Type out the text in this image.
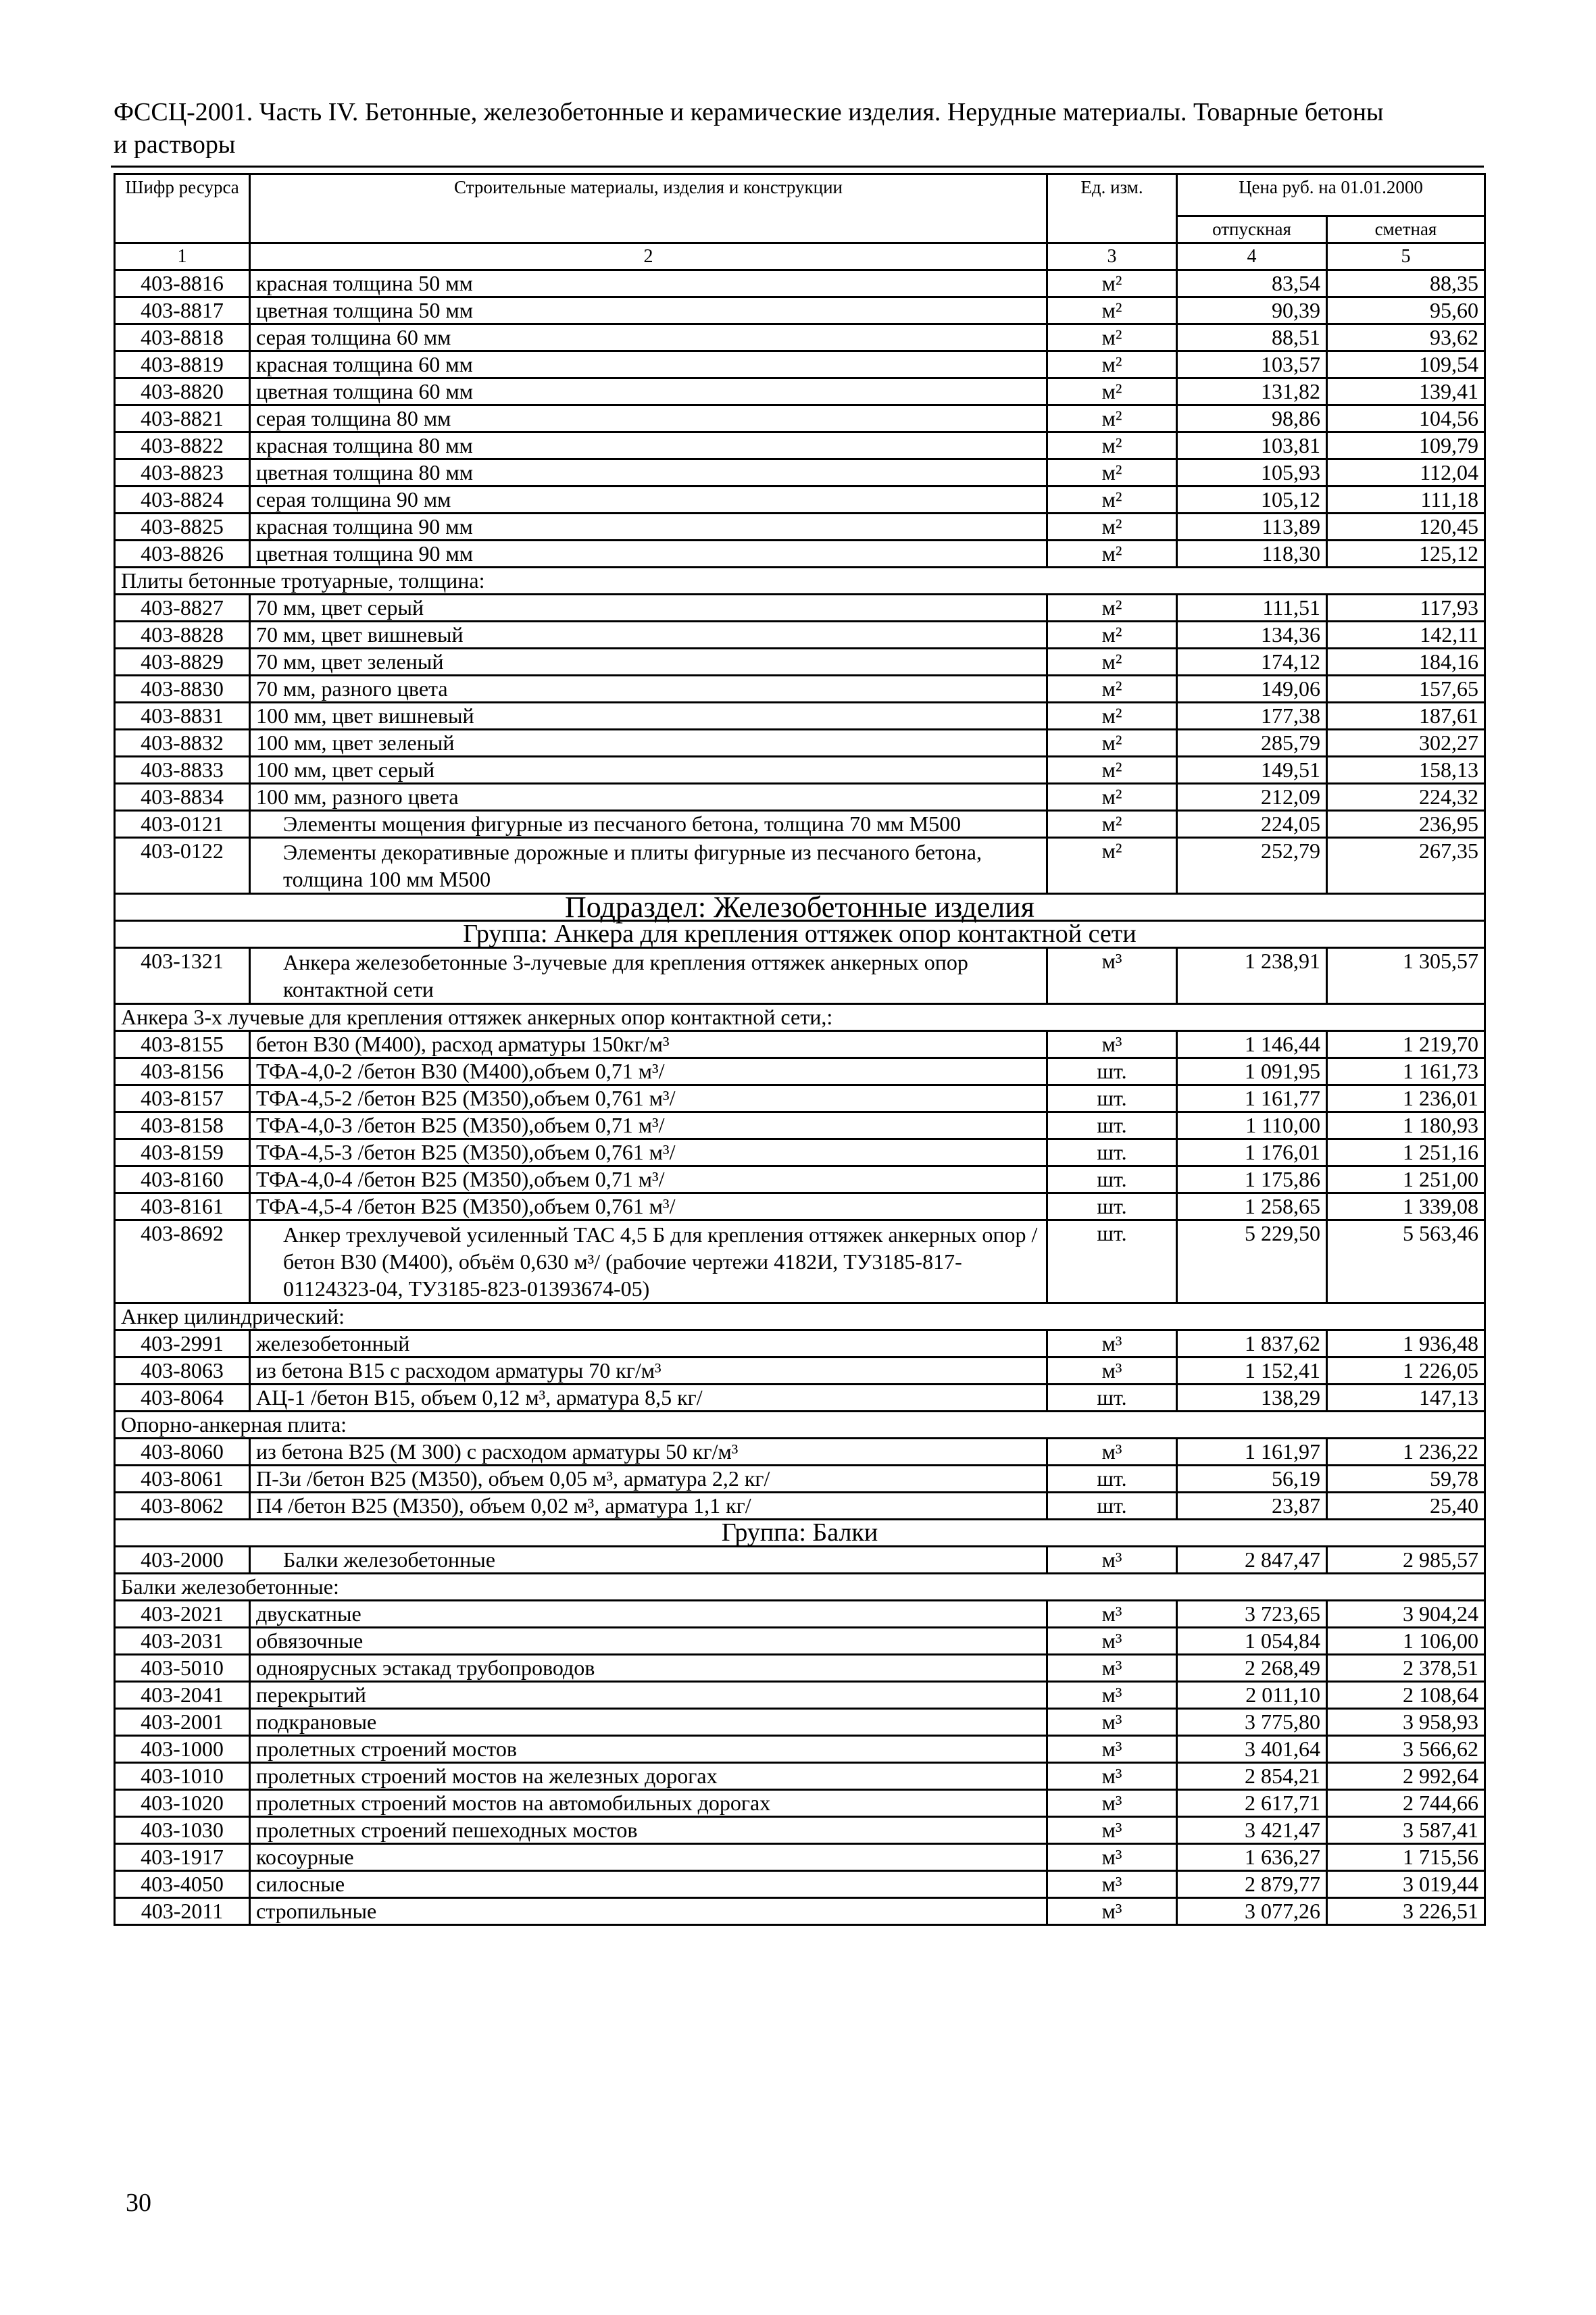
ФССЦ-2001. Часть IV. Бетонные, железобетонные и керамические изделия. Нерудные материалы. Товарные бетоны
и растворы
Шифр ресурса	Строительные материалы, изделия и конструкции	Ед. изм.	Цена руб. на 01.01.2000	
			отпускная	сметная
1	2	3	4	5
403-8816	красная толщина 50 мм	м²	83,54	88,35
403-8817	цветная толщина 50 мм	м²	90,39	95,60
403-8818	серая толщина 60 мм	м²	88,51	93,62
403-8819	красная толщина 60 мм	м²	103,57	109,54
403-8820	цветная толщина 60 мм	м²	131,82	139,41
403-8821	серая толщина 80 мм	м²	98,86	104,56
403-8822	красная толщина 80 мм	м²	103,81	109,79
403-8823	цветная толщина 80 мм	м²	105,93	112,04
403-8824	серая толщина 90 мм	м²	105,12	111,18
403-8825	красная толщина 90 мм	м²	113,89	120,45
403-8826	цветная толщина 90 мм	м²	118,30	125,12
Плиты бетонные тротуарные, толщина:				
403-8827	70 мм, цвет серый	м²	111,51	117,93
403-8828	70 мм, цвет вишневый	м²	134,36	142,11
403-8829	70 мм, цвет зеленый	м²	174,12	184,16
403-8830	70 мм, разного цвета	м²	149,06	157,65
403-8831	100 мм, цвет вишневый	м²	177,38	187,61
403-8832	100 мм, цвет зеленый	м²	285,79	302,27
403-8833	100 мм, цвет серый	м²	149,51	158,13
403-8834	100 мм, разного цвета	м²	212,09	224,32
403-0121	Элементы мощения фигурные из песчаного бетона, толщина 70 мм М500	м²	224,05	236,95
403-0122	Элементы декоративные дорожные и плиты фигурные из песчаного бетона, толщина 100 мм М500	м²	252,79	267,35
Подраздел: Железобетонные изделия				
Группа: Анкера для крепления оттяжек опор контактной сети				
403-1321	Анкера железобетонные 3-лучевые для крепления оттяжек анкерных опор контактной сети	м³	1 238,91	1 305,57
Анкера 3-х лучевые для крепления оттяжек анкерных опор контактной сети,:				
403-8155	бетон В30 (М400), расход арматуры 150кг/м³	м³	1 146,44	1 219,70
403-8156	ТФА-4,0-2 /бетон В30 (М400),объем 0,71 м³/	шт.	1 091,95	1 161,73
403-8157	ТФА-4,5-2 /бетон В25 (М350),объем 0,761 м³/	шт.	1 161,77	1 236,01
403-8158	ТФА-4,0-3 /бетон В25 (М350),объем 0,71 м³/	шт.	1 110,00	1 180,93
403-8159	ТФА-4,5-3 /бетон В25 (М350),объем 0,761 м³/	шт.	1 176,01	1 251,16
403-8160	ТФА-4,0-4 /бетон В25 (М350),объем 0,71 м³/	шт.	1 175,86	1 251,00
403-8161	ТФА-4,5-4 /бетон В25 (М350),объем 0,761 м³/	шт.	1 258,65	1 339,08
403-8692	Анкер трехлучевой усиленный ТАС 4,5 Б для крепления оттяжек анкерных опор /бетон В30 (М400), объём 0,630 м³/ (рабочие чертежи 4182И, ТУ3185-817-01124323-04, ТУ3185-823-01393674-05)	шт.	5 229,50	5 563,46
Анкер цилиндрический:				
403-2991	железобетонный	м³	1 837,62	1 936,48
403-8063	из бетона В15 с расходом арматуры 70 кг/м³	м³	1 152,41	1 226,05
403-8064	АЦ-1 /бетон В15, объем 0,12 м³, арматура 8,5 кг/	шт.	138,29	147,13
Опорно-анкерная плита:				
403-8060	из бетона В25 (М 300) с расходом арматуры 50 кг/м³	м³	1 161,97	1 236,22
403-8061	П-3и /бетон В25 (М350), объем 0,05 м³, арматура 2,2 кг/	шт.	56,19	59,78
403-8062	П4 /бетон В25 (М350), объем 0,02 м³, арматура 1,1 кг/	шт.	23,87	25,40
Группа: Балки				
403-2000	Балки железобетонные	м³	2 847,47	2 985,57
Балки железобетонные:				
403-2021	двускатные	м³	3 723,65	3 904,24
403-2031	обвязочные	м³	1 054,84	1 106,00
403-5010	одноярусных эстакад трубопроводов	м³	2 268,49	2 378,51
403-2041	перекрытий	м³	2 011,10	2 108,64
403-2001	подкрановые	м³	3 775,80	3 958,93
403-1000	пролетных строений мостов	м³	3 401,64	3 566,62
403-1010	пролетных строений мостов на железных дорогах	м³	2 854,21	2 992,64
403-1020	пролетных строений мостов на автомобильных дорогах	м³	2 617,71	2 744,66
403-1030	пролетных строений пешеходных мостов	м³	3 421,47	3 587,41
403-1917	косоурные	м³	1 636,27	1 715,56
403-4050	силосные	м³	2 879,77	3 019,44
403-2011	стропильные	м³	3 077,26	3 226,51
30
